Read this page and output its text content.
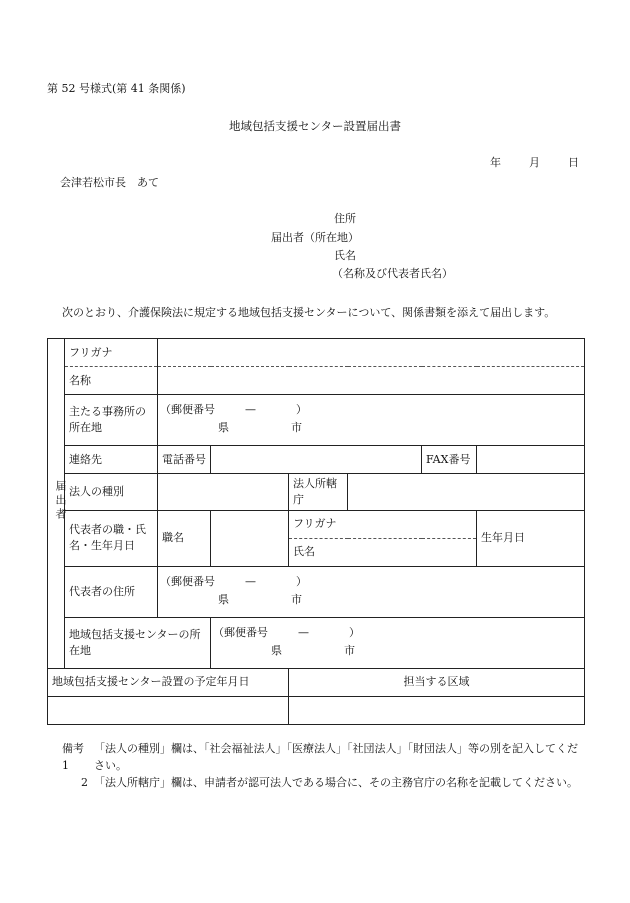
第 52 号様式(第 41 条関係)
地域包括支援センター設置届出書
年	月	日
会津若松市長　あて
住所
届出者（所在地）
氏名
（名称及び代表者氏名）
次のとおり、介護保険法に規定する地域包括支援センターについて、関係書類を添えて届出します。
届出者	フリガナ						
	名称						
	主たる事務所の所在地	（郵便番号 — ）
県 市					

	連絡先	電話番号				FAX番号	
	法人の種別			法人所轄庁			
	代表者の職・氏名・生年月日	職名		フリガナ			生年月日
				氏名			
	代表者の住所	（郵便番号 — ）
県 市					

	地域包括支援センターの所在地		（郵便番号 — ）
県 市				

地域包括支援センター設置の予定年月日				担当する区域			

備考1
「法人の種別」欄は、「社会福祉法人」「医療法人」「社団法人」「財団法人」等の別を記入してください。
2 「法人所轄庁」欄は、申請者が認可法人である場合に、その主務官庁の名称を記載してください。
